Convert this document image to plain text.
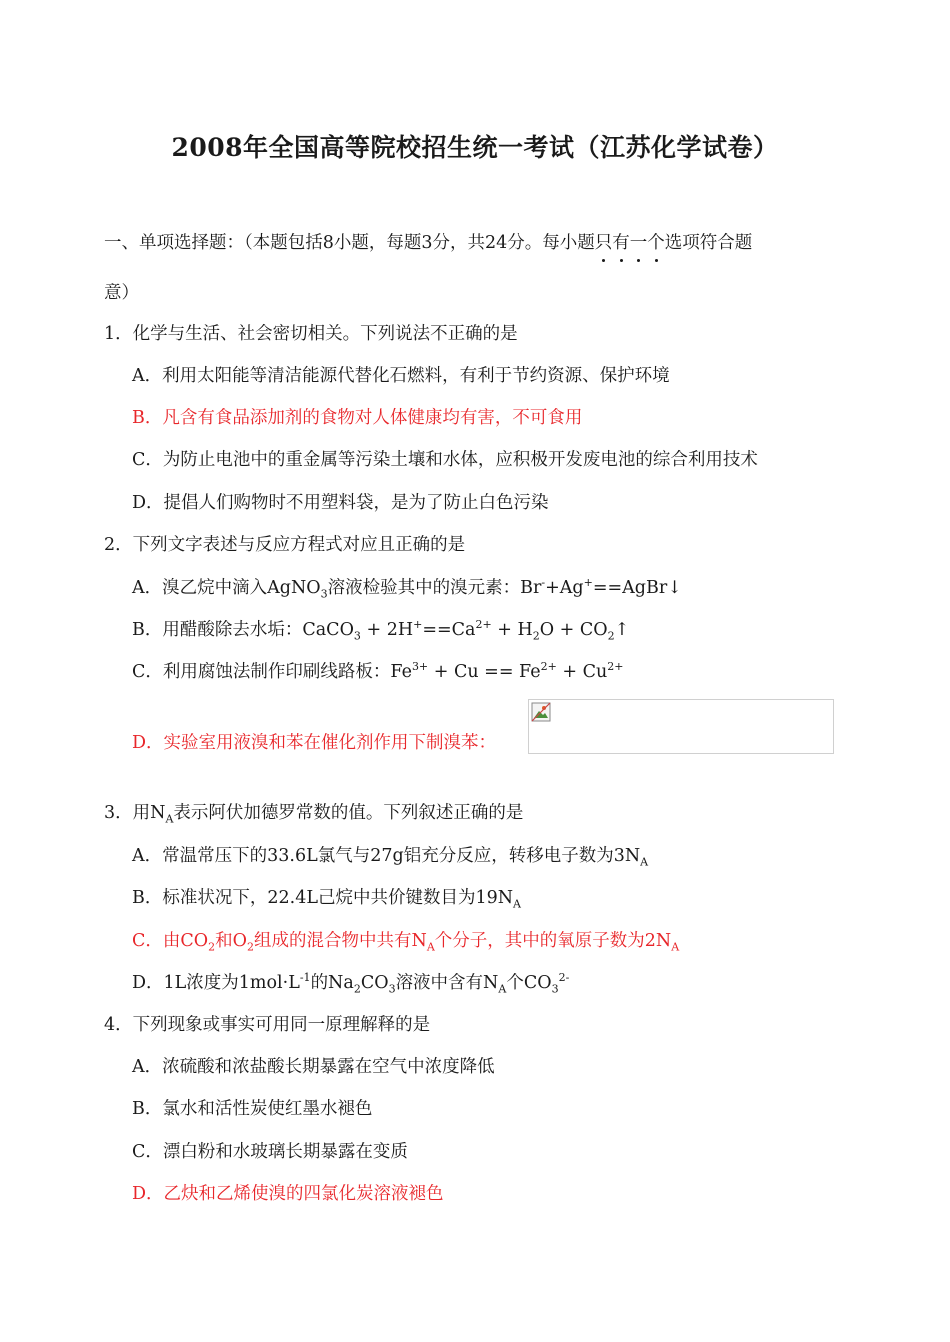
2008年全国高等院校招生统一考试（江苏化学试卷）
一、单项选择题：（本题包括8小题，每题3分，共24分。每小题只有一个选项符合题
意）
1．化学与生活、社会密切相关。下列说法不正确的是
A．利用太阳能等清洁能源代替化石燃料，有利于节约资源、保护环境
B．凡含有食品添加剂的食物对人体健康均有害，不可食用
C．为防止电池中的重金属等污染土壤和水体，应积极开发废电池的综合利用技术
D．提倡人们购物时不用塑料袋，是为了防止白色污染
2．下列文字表述与反应方程式对应且正确的是
A．溴乙烷中滴入AgNO$_3$溶液检验其中的溴元素：Br-+Ag+==AgBr↓
B．用醋酸除去水垢：CaCO$_3$ + $2H^+==Ca^{2+} + H_2O$ + $CO_2↑$
C．利用腐蚀法制作印刷线路板：$Fe^{3+} + Cu == Fe^{2+} + Cu^{2+}$
D．实验室用液溴和苯在催化剂作用下制溴苯：
3．用$N_A$表示阿伏加德罗常数的值。下列叙述正确的是
A．常温常压下的33.6L氯气与27g铝充分反应，转移电子数为$3N_A$
B．标准状况下，22.4L己烷中共价键数目为$19N_A$
C．由$CO_2$和$O_2$组成的混合物中共有$N_A$个分子，其中的氧原子数为$2N_A$
D．1L浓度为$1mol\cdot L^{-1}$的$Na_2CO_3$溶液中含有$N_A$个$CO_3^{2-}$
4．下列现象或事实可用同一原理解释的是
A．浓硫酸和浓盐酸长期暴露在空气中浓度降低
B．氯水和活性炭使红墨水褪色
C．漂白粉和水玻璃长期暴露在变质
D．乙炔和乙烯使溴的四氯化炭溶液褪色
